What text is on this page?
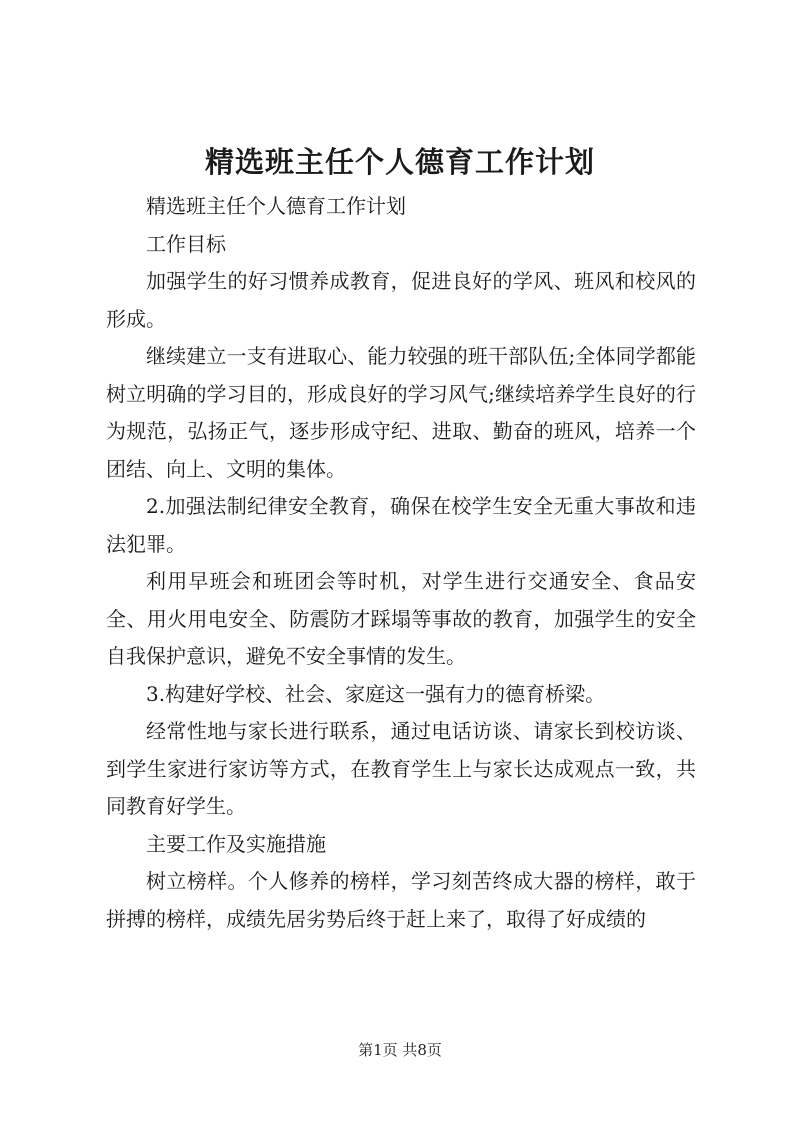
精选班主任个人德育工作计划

精选班主任个人德育工作计划

工作目标

加强学生的好习惯养成教育，促进良好的学风、班风和校风的形成。

继续建立一支有进取心、能力较强的班干部队伍;全体同学都能树立明确的学习目的，形成良好的学习风气;继续培养学生良好的行为规范，弘扬正气，逐步形成守纪、进取、勤奋的班风，培养一个团结、向上、文明的集体。

2.加强法制纪律安全教育，确保在校学生安全无重大事故和违法犯罪。

利用早班会和班团会等时机，对学生进行交通安全、食品安全、用火用电安全、防震防才踩塌等事故的教育，加强学生的安全自我保护意识，避免不安全事情的发生。

3.构建好学校、社会、家庭这一强有力的德育桥梁。

经常性地与家长进行联系，通过电话访谈、请家长到校访谈、到学生家进行家访等方式，在教育学生上与家长达成观点一致，共同教育好学生。

主要工作及实施措施

树立榜样。个人修养的榜样，学习刻苦终成大器的榜样，敢于拼搏的榜样，成绩先居劣势后终于赶上来了，取得了好成绩的

第1页 共8页
